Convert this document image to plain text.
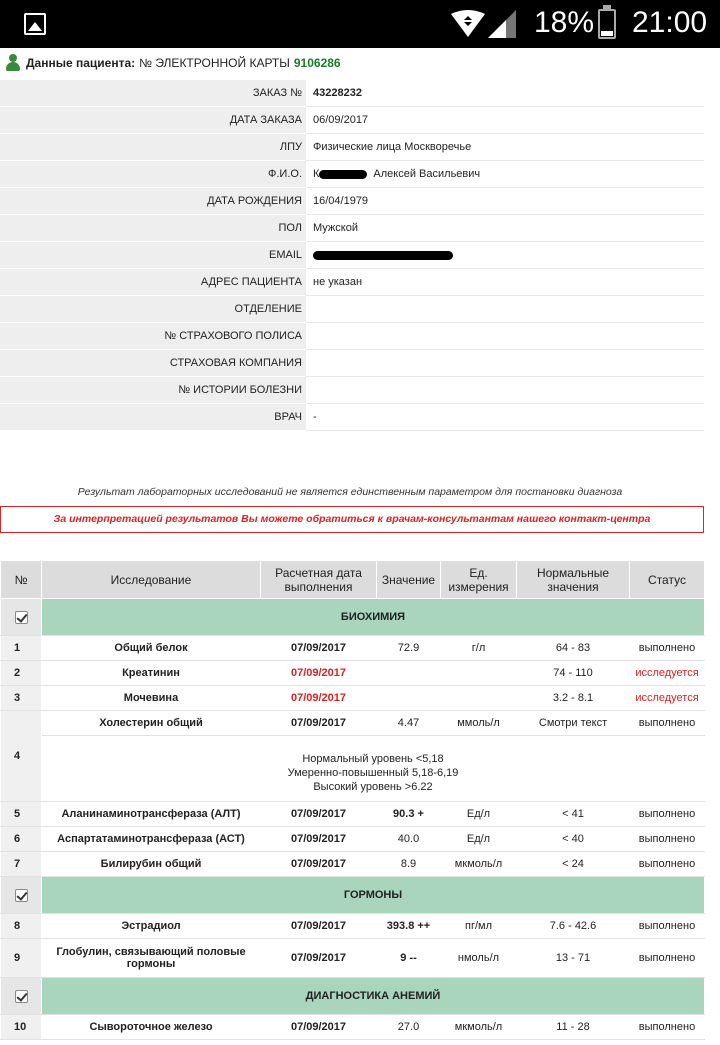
18% 21:00
Данные пациента: № ЭЛЕКТРОННОЙ КАРТЫ 9106286
ЗАКАЗ №	43228232
ДАТА ЗАКАЗА	06/09/2017
ЛПУ	Физические лица Москворечье
Ф.И.О.	К	Алексей Васильевич
ДАТА РОЖДЕНИЯ	16/04/1979
ПОЛ	Мужской
EMAIL
АДРЕС ПАЦИЕНТА	не указан
ОТДЕЛЕНИЕ
№ СТРАХОВОГО ПОЛИСА
СТРАХОВАЯ КОМПАНИЯ
№ ИСТОРИИ БОЛЕЗНИ
ВРАЧ	-
Результат лабораторных исследований не является единственным параметром для постановки диагноза
За интерпретацией результатов Вы можете обратиться к врачам-консультантам нашего контакт-центра
№	Исследование	Расчетная дата выполнения	Значение	Ед. измерения	Нормальные значения	Статус
	БИОХИМИЯ					
1	Общий белок	07/09/2017	72.9	г/л	64 - 83	выполнено
2	Креатинин	07/09/2017			74 - 110	исследуется
3	Мочевина	07/09/2017			3.2 - 8.1	исследуется
4	Холестерин общий	07/09/2017	4.47	ммоль/л	Смотри текст	выполнено

	Нормальный уровень <5,18
Умеренно-повышенный 5,18-6,19
Высокий уровень >6.22					

5	Аланинаминотрансфераза (АЛТ)	07/09/2017	90.3 +	Ед/л	< 41	выполнено
6	Аспартатаминотрансфераза (АСТ)	07/09/2017	40.0	Ед/л	< 40	выполнено
7	Билирубин общий	07/09/2017	8.9	мкмоль/л	< 24	выполнено
	ГОРМОНЫ					
8	Эстрадиол	07/09/2017	393.8 ++	пг/мл	7.6 - 42.6	выполнено
9	Глобулин, связывающий половые гормоны	07/09/2017	9 --	нмоль/л	13 - 71	выполнено
	ДИАГНОСТИКА АНЕМИЙ					
10	Сывороточное железо	07/09/2017	27.0	мкмоль/л	11 - 28	выполнено
